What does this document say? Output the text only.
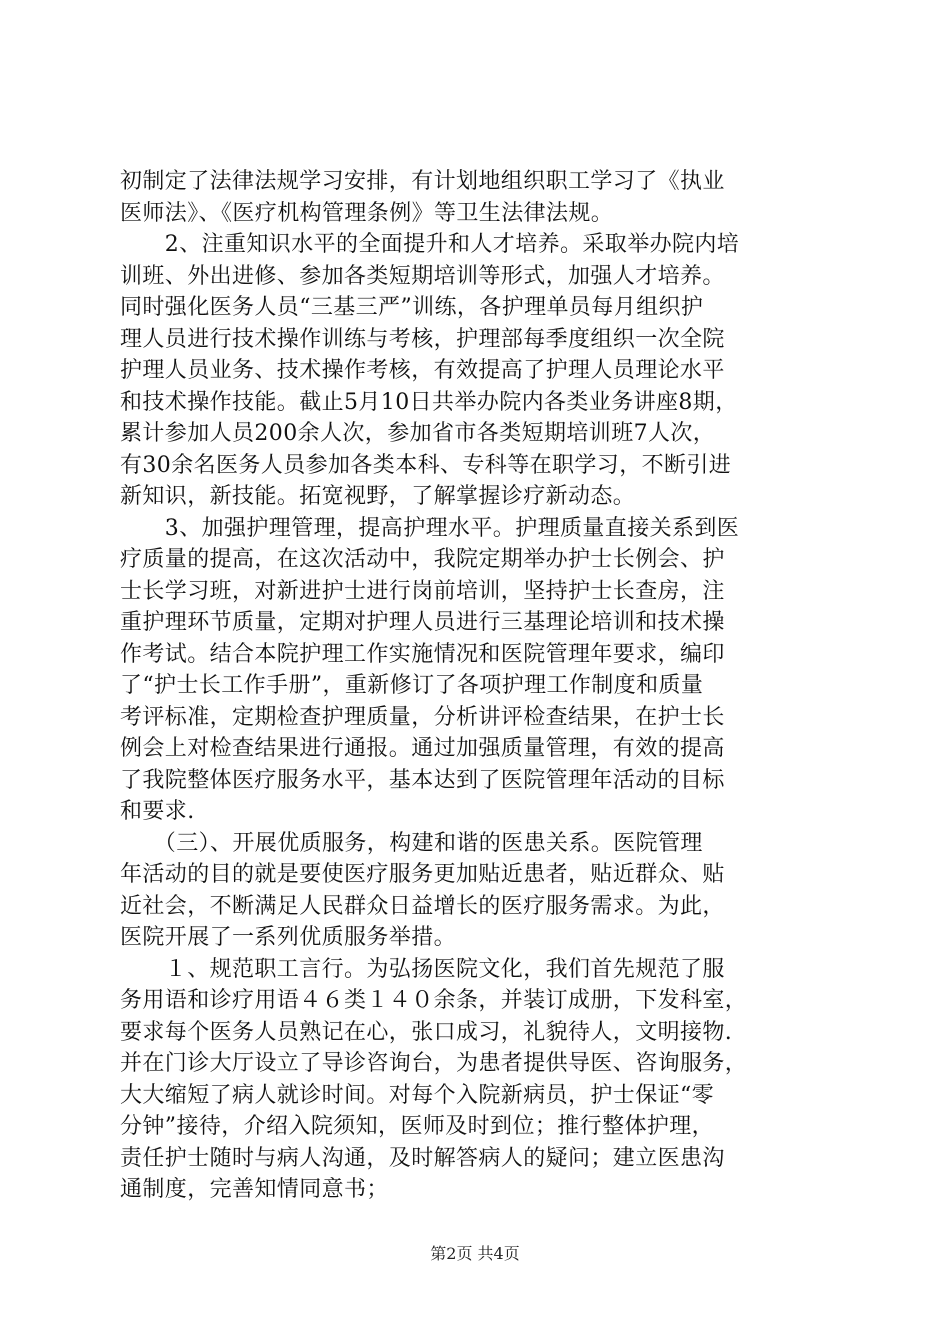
初制定了法律法规学习安排，有计划地组织职工学习了《执业
医师法》、《医疗机构管理条例》等卫生法律法规。
　　2、注重知识水平的全面提升和人才培养。采取举办院内培
训班、外出进修、参加各类短期培训等形式，加强人才培养。
同时强化医务人员“三基三严”训练，各护理单员每月组织护
理人员进行技术操作训练与考核，护理部每季度组织一次全院
护理人员业务、技术操作考核，有效提高了护理人员理论水平
和技术操作技能。截止5月10日共举办院内各类业务讲座8期，
累计参加人员200余人次，参加省市各类短期培训班7人次，
有30余名医务人员参加各类本科、专科等在职学习，不断引进
新知识，新技能。拓宽视野，了解掌握诊疗新动态。
　　3、加强护理管理，提高护理水平。护理质量直接关系到医
疗质量的提高，在这次活动中，我院定期举办护士长例会、护
士长学习班，对新进护士进行岗前培训，坚持护士长查房，注
重护理环节质量，定期对护理人员进行三基理论培训和技术操
作考试。结合本院护理工作实施情况和医院管理年要求，编印
了“护士长工作手册”，重新修订了各项护理工作制度和质量
考评标准，定期检查护理质量，分析讲评检查结果，在护士长
例会上对检查结果进行通报。通过加强质量管理，有效的提高
了我院整体医疗服务水平，基本达到了医院管理年活动的目标
和要求.
　　（三）、开展优质服务，构建和谐的医患关系。医院管理
年活动的目的就是要使医疗服务更加贴近患者，贴近群众、贴
近社会，不断满足人民群众日益增长的医疗服务需求。为此，
医院开展了一系列优质服务举措。
　　１、规范职工言行。为弘扬医院文化，我们首先规范了服
务用语和诊疗用语４６类１４０余条，并装订成册，下发科室，
要求每个医务人员熟记在心，张口成习，礼貌待人，文明接物.
并在门诊大厅设立了导诊咨询台，为患者提供导医、咨询服务，
大大缩短了病人就诊时间。对每个入院新病员，护士保证“零
分钟”接待，介绍入院须知，医师及时到位；推行整体护理，
责任护士随时与病人沟通，及时解答病人的疑问；建立医患沟
通制度，完善知情同意书；
第2页 共4页
